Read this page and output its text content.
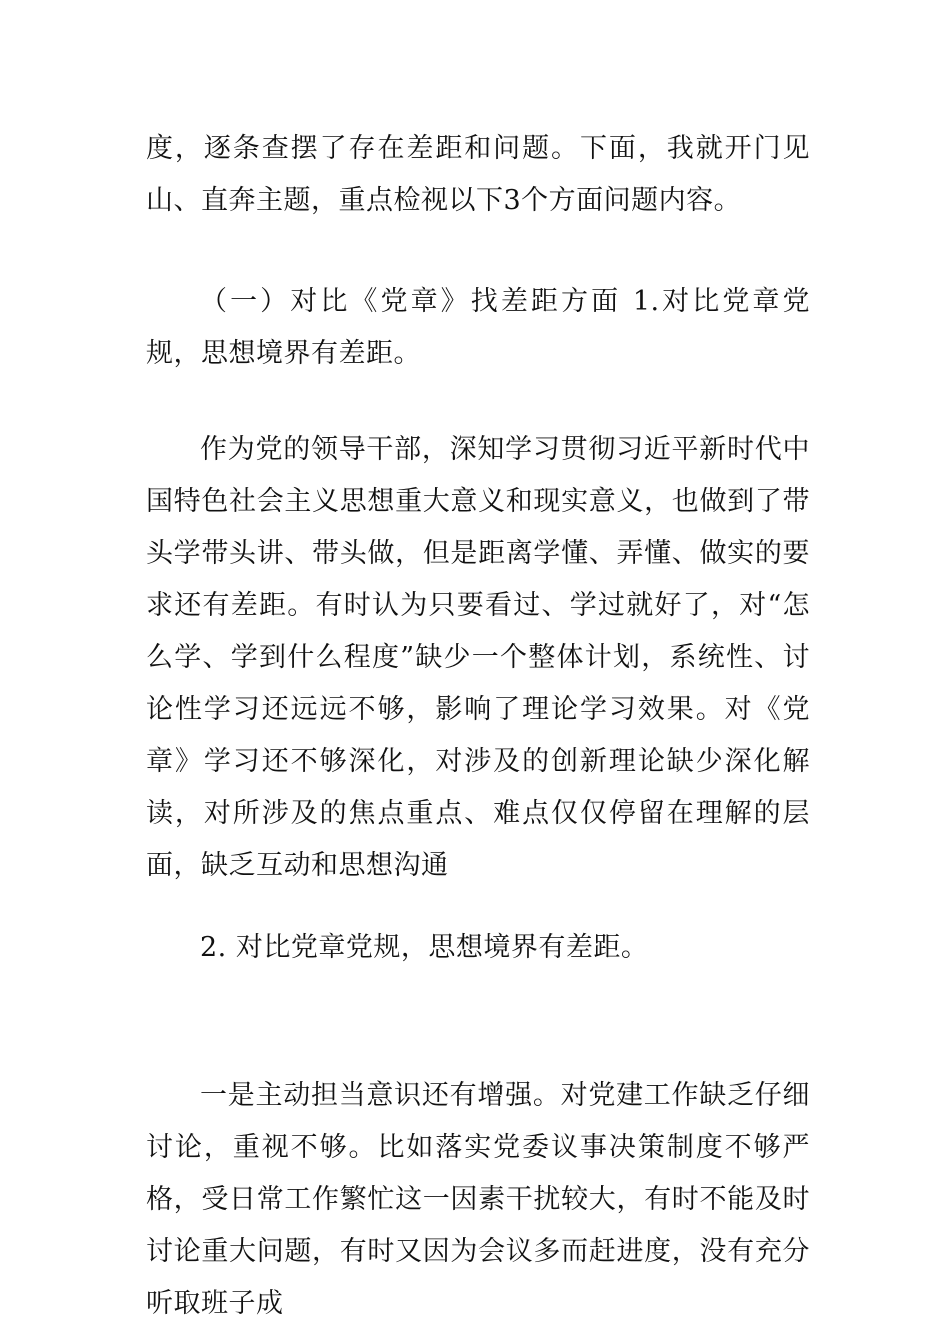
度，逐条查摆了存在差距和问题。下面，我就开门见山、直奔主题，重点检视以下3个方面问题内容。

（一）对比《党章》找差距方面 1.对比党章党规，思想境界有差距。

作为党的领导干部，深知学习贯彻习近平新时代中国特色社会主义思想重大意义和现实意义，也做到了带头学带头讲、带头做，但是距离学懂、弄懂、做实的要求还有差距。有时认为只要看过、学过就好了，对“怎么学、学到什么程度”缺少一个整体计划，系统性、讨论性学习还远远不够，影响了理论学习效果。对《党章》学习还不够深化，对涉及的创新理论缺少深化解读，对所涉及的焦点重点、难点仅仅停留在理解的层面，缺乏互动和思想沟通

2. 对比党章党规，思想境界有差距。

一是主动担当意识还有增强。对党建工作缺乏仔细讨论，重视不够。比如落实党委议事决策制度不够严格，受日常工作繁忙这一因素干扰较大，有时不能及时讨论重大问题，有时又因为会议多而赶进度，没有充分听取班子成
